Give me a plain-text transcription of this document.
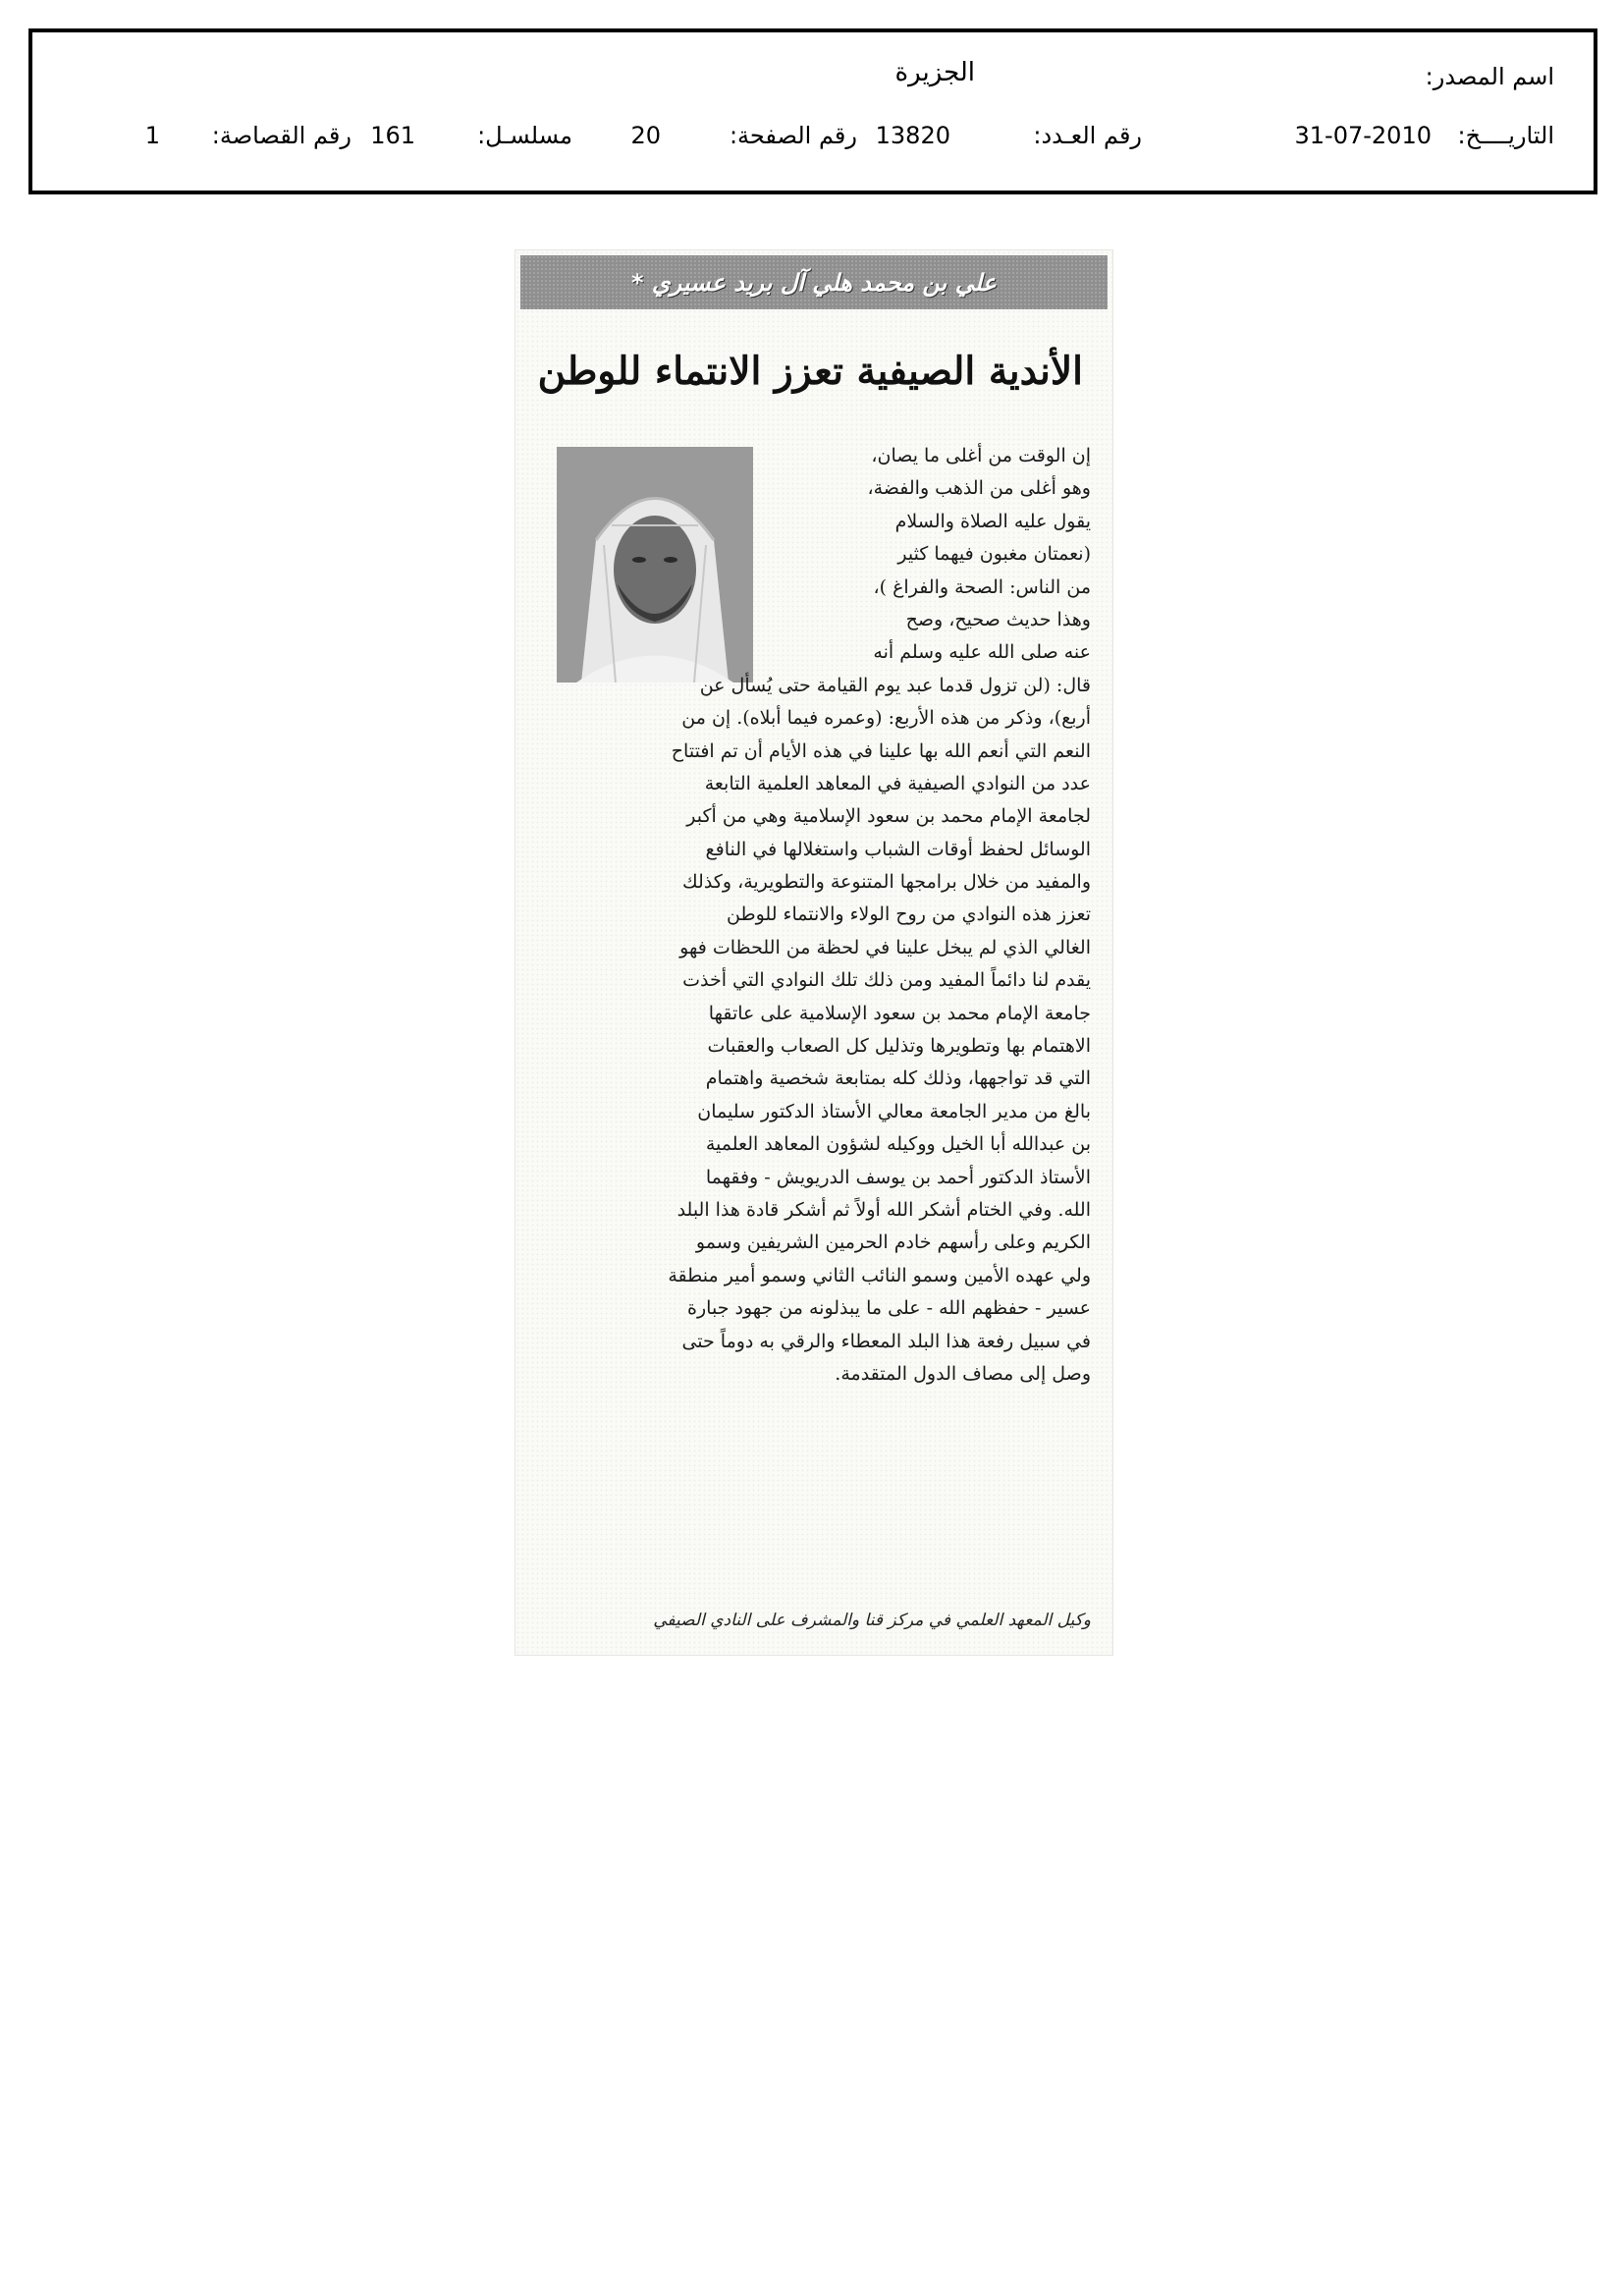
اسم المصدر:
الجزيرة
التاريــــخ:
31-07-2010
رقم العـدد:
13820
رقم الصفحة:
20
مسلسـل:
161
رقم القصاصة:
1
علي بن محمد هلي آل بريد عسيري *
الأندية الصيفية تعزز الانتماء للوطن
إن الوقت من أغلى ما يصان،
وهو أغلى من الذهب والفضة،
يقول عليه الصلاة والسلام
(نعمتان مغبون فيهما كثير
من الناس: الصحة والفراغ )،
وهذا حديث صحيح، وصح
عنه صلى الله عليه وسلم أنه
قال: (لن تزول قدما عبد يوم القيامة حتى يُسأل عن
أربع)، وذكر من هذه الأربع: (وعمره فيما أبلاه). إن من
النعم التي أنعم الله بها علينا في هذه الأيام أن تم افتتاح
عدد من النوادي الصيفية في المعاهد العلمية التابعة
لجامعة الإمام محمد بن سعود الإسلامية وهي من أكبر
الوسائل لحفظ أوقات الشباب واستغلالها في النافع
والمفيد من خلال برامجها المتنوعة والتطويرية، وكذلك
تعزز هذه النوادي من روح الولاء والانتماء للوطن
الغالي الذي لم يبخل علينا في لحظة من اللحظات فهو
يقدم لنا دائماً المفيد ومن ذلك تلك النوادي التي أخذت
جامعة الإمام محمد بن سعود الإسلامية على عاتقها
الاهتمام بها وتطويرها وتذليل كل الصعاب والعقبات
التي قد تواجهها، وذلك كله بمتابعة شخصية واهتمام
بالغ من مدير الجامعة معالي الأستاذ الدكتور سليمان
بن عبدالله أبا الخيل ووكيله لشؤون المعاهد العلمية
الأستاذ الدكتور أحمد بن يوسف الدريويش - وفقهما
الله. وفي الختام أشكر الله أولاً ثم أشكر قادة هذا البلد
الكريم وعلى رأسهم خادم الحرمين الشريفين وسمو
ولي عهده الأمين وسمو النائب الثاني وسمو أمير منطقة
عسير - حفظهم الله - على ما يبذلونه من جهود جبارة
في سبيل رفعة هذا البلد المعطاء والرقي به دوماً حتى
وصل إلى مصاف الدول المتقدمة.
وكيل المعهد العلمي في مركز قنا والمشرف على النادي الصيفي
